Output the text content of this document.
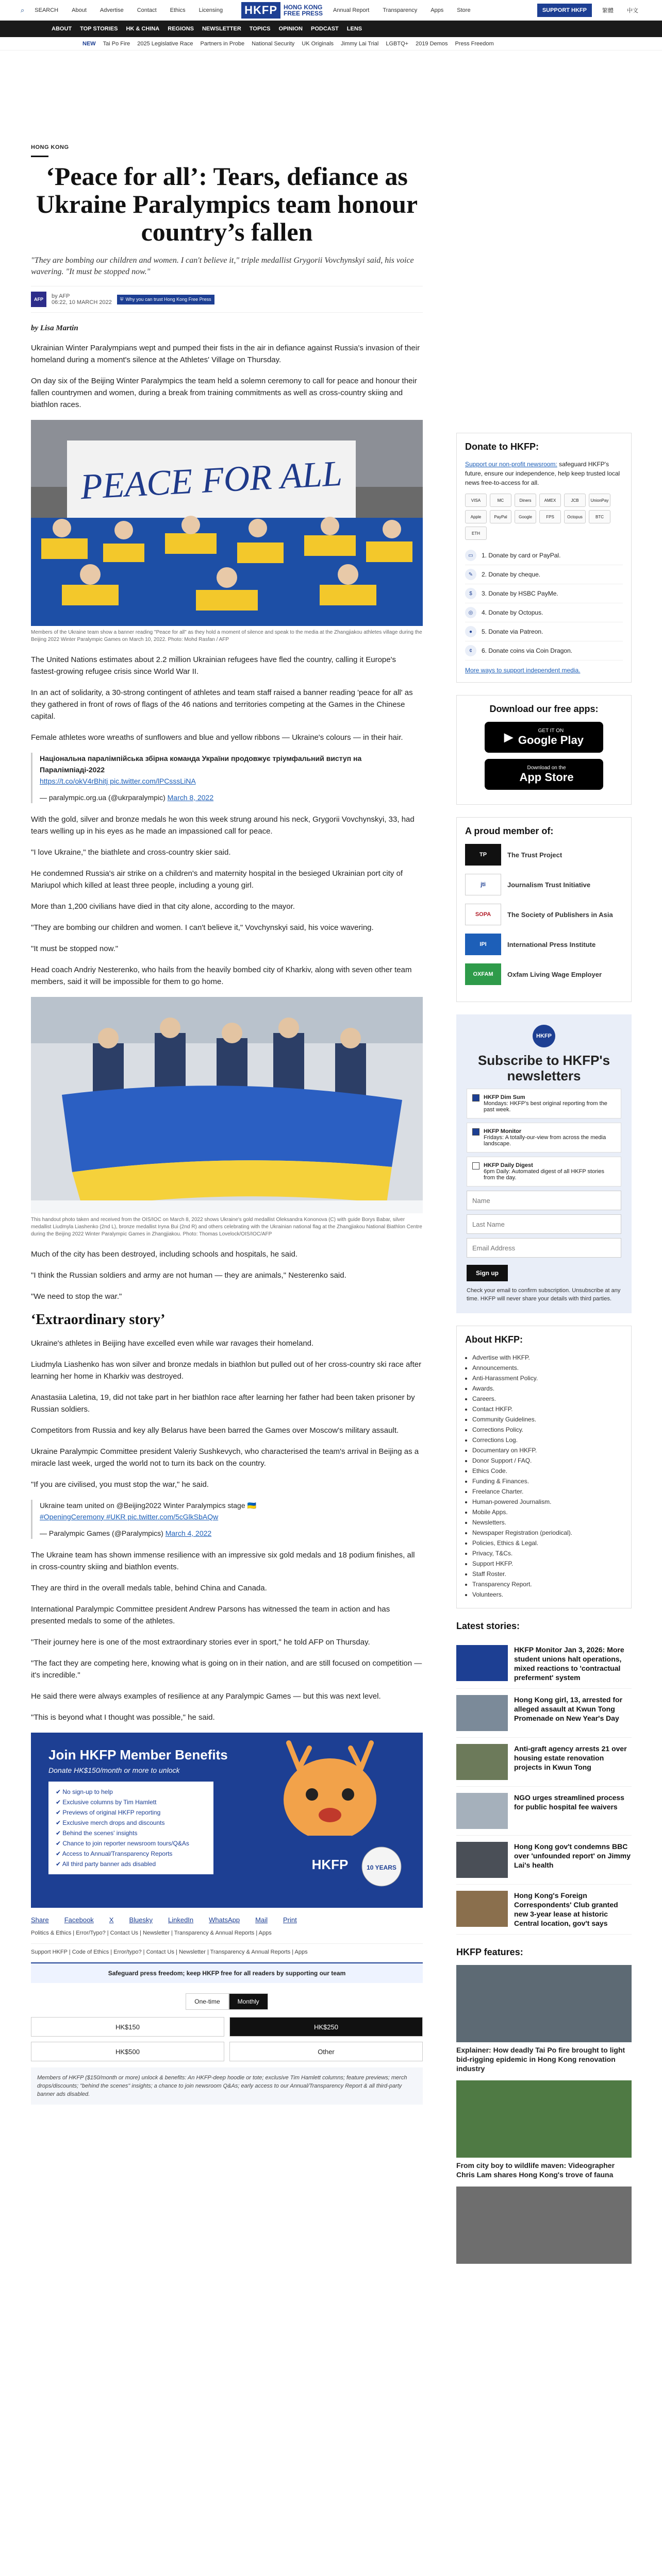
⌕	SEARCH	About	Advertise	Contact	Ethics	Licensing HKFP	HONG KONG
FREE PRESS	Annual Report	Transparency	Apps	Store	SUPPORT HKFP	繁體	中文
ABOUT TOP STORIES HK & CHINA REGIONS NEWSLETTER TOPICS OPINION PODCAST LENS
NEW Tai Po Fire 2025 Legislative Race Partners in Probe National Security UK Originals Jimmy Lai Trial LGBTQ+ 2019 Demos Press Freedom
HONG KONG
‘Peace for all’: Tears, defiance as Ukraine Paralympics team honour country’s fallen
"They are bombing our children and women. I can't believe it," triple medallist Grygorii Vovchynskyi said, his voice wavering. "It must be stopped now."
AFP	by AFP
06:22, 10 MARCH 2022
⛨ Why you can trust Hong Kong Free Press
by Lisa Martin

Ukrainian Winter Paralympians wept and pumped their fists in the air in defiance against Russia's invasion of their homeland during a moment's silence at the Athletes' Village on Thursday.

On day six of the Beijing Winter Paralympics the team held a solemn ceremony to call for peace and honour their fallen countrymen and women, during a break from training commitments as well as cross-country skiing and biathlon races.

PEACE FOR ALL
Members of the Ukraine team show a banner reading "Peace for all" as they hold a moment of silence and speak to the media at the Zhangjiakou athletes village during the Beijing 2022 Winter Paralympic Games on March 10, 2022. Photo: Mohd Rasfan / AFP

The United Nations estimates about 2.2 million Ukrainian refugees have fled the country, calling it Europe's fastest-growing refugee crisis since World War II.

In an act of solidarity, a 30-strong contingent of athletes and team staff raised a banner reading 'peace for all' as they gathered in front of rows of flags of the 46 nations and territories competing at the Games in the Chinese capital.

Female athletes wore wreaths of sunflowers and blue and yellow ribbons — Ukraine's colours — in their hair.

Національна паралімпійська збірна команда України продовжує тріумфальний виступ на Паралімпіаді-2022
https://t.co/okV4rBhitj pic.twitter.com/lPCsssLiNA
— paralympic.org.ua (@ukrparalympic) March 8, 2022

With the gold, silver and bronze medals he won this week strung around his neck, Grygorii Vovchynskyi, 33, had tears welling up in his eyes as he made an impassioned call for peace.

"I love Ukraine," the biathlete and cross-country skier said.

He condemned Russia's air strike on a children's and maternity hospital in the besieged Ukrainian port city of Mariupol which killed at least three people, including a young girl.

More than 1,200 civilians have died in that city alone, according to the mayor.

"They are bombing our children and women. I can't believe it," Vovchynskyi said, his voice wavering.

"It must be stopped now."

Head coach Andriy Nesterenko, who hails from the heavily bombed city of Kharkiv, along with seven other team members, said it will be impossible for them to go home.

This handout photo taken and received from the OIS/IOC on March 8, 2022 shows Ukraine's gold medallist Oleksandra Kononova (C) with guide Borys Babar, silver medallist Liudmyla Liashenko (2nd L), bronze medallist Iryna Bui (2nd R) and others celebrating with the Ukrainian national flag at the Zhangjiakou National Biathlon Centre during the Beijing 2022 Winter Paralympic Games in Zhangjiakou. Photo: Thomas Lovelock/OIS/IOC/AFP

Much of the city has been destroyed, including schools and hospitals, he said.

"I think the Russian soldiers and army are not human — they are animals," Nesterenko said.

"We need to stop the war."

‘Extraordinary story’

Ukraine's athletes in Beijing have excelled even while war ravages their homeland.

Liudmyla Liashenko has won silver and bronze medals in biathlon but pulled out of her cross-country ski race after learning her home in Kharkiv was destroyed.

Anastasiia Laletina, 19, did not take part in her biathlon race after learning her father had been taken prisoner by Russian soldiers.

Competitors from Russia and key ally Belarus have been barred the Games over Moscow's military assault.

Ukraine Paralympic Committee president Valeriy Sushkevych, who characterised the team's arrival in Beijing as a miracle last week, urged the world not to turn its back on the country.

"If you are civilised, you must stop the war," he said.

Ukraine team united on @Beijing2022 Winter Paralympics stage 🇺🇦
#OpeningCeremony #UKR pic.twitter.com/5cGlkSbAQw
— Paralympic Games (@Paralympics) March 4, 2022

The Ukraine team has shown immense resilience with an impressive six gold medals and 18 podium finishes, all in cross-country skiing and biathlon events.

They are third in the overall medals table, behind China and Canada.

International Paralympic Committee president Andrew Parsons has witnessed the team in action and has presented medals to some of the athletes.

"Their journey here is one of the most extraordinary stories ever in sport," he told AFP on Thursday.

"The fact they are competing here, knowing what is going on in their nation, and are still focused on competition — it's incredible."

He said there were always examples of resilience at any Paralympic Games — but this was next level.

"This is beyond what I thought was possible," he said.

Join HKFP Member Benefits
Donate HK$150/month or more to unlock
✔ No sign-up to help
✔ Exclusive columns by Tim Hamlett
✔ Previews of original HKFP reporting
✔ Exclusive merch drops and discounts
✔ Behind the scenes' insights
✔ Chance to join reporter newsroom tours/Q&As
✔ Access to Annual/Transparency Reports
✔ All third party banner ads disabled	HKFP	10 YEARS
Share Facebook X Bluesky LinkedIn WhatsApp Mail Print
Politics & Ethics | Error/Typo? | Contact Us | Newsletter | Transparency & Annual Reports | Apps
Support HKFP | Code of Ethics | Error/typo? | Contact Us | Newsletter | Transparency & Annual Reports | Apps
Safeguard press freedom; keep HKFP free for all readers by supporting our team
One-time	Monthly
HK$150	HK$250
HK$500	Other
Members of HKFP ($150/month or more) unlock & benefits: An HKFP-deep hoodie or tote; exclusive Tim Hamlett columns; feature previews; merch drops/discounts; "behind the scenes" insights; a chance to join newsroom Q&As; early access to our Annual/Transparency Report & all third-party banner ads disabled.
Donate to HKFP:

Support our non-profit newsroom: safeguard HKFP's future, ensure our independence, help keep trusted local news free-to-access for all.

VISA	MC	Diners	AMEX	JCB	UnionPay
Apple	PayPal	Google	FPS	Octopus	BTC
ETH
▭	1. Donate by card or PayPal.
✎	2. Donate by cheque.
$	3. Donate by HSBC PayMe.
◎	4. Donate by Octopus.
●	5. Donate via Patreon.
¢	6. Donate coins via Coin Dragon.
More ways to support independent media.
Download our free apps:
▶	GET IT ON
Google Play
Download on the
App Store
A proud member of:
TP	The Trust Project
jti	Journalism Trust Initiative
SOPA	The Society of Publishers in Asia
IPI	International Press Institute
OXFAM	Oxfam Living Wage Employer
HKFP
Subscribe to HKFP's newsletters
HKFP Dim Sum
Mondays: HKFP's best original reporting from the past week.
HKFP Monitor
Fridays: A totally-our-view from across the media landscape.
HKFP Daily Digest
6pm Daily: Automated digest of all HKFP stories from the day.
Name Last Name Email Address
Sign up
Check your email to confirm subscription. Unsubscribe at any time. HKFP will never share your details with third parties.
About HKFP:
• Advertise with HKFP.
• Announcements.
• Anti-Harassment Policy.
• Awards.
• Careers.
• Contact HKFP.
• Community Guidelines.
• Corrections Policy.
• Corrections Log.
• Documentary on HKFP.
• Donor Support / FAQ.
• Ethics Code.
• Funding & Finances.
• Freelance Charter.
• Human-powered Journalism.
• Mobile Apps.
• Newsletters.
• Newspaper Registration (periodical).
• Policies, Ethics & Legal.
• Privacy, T&Cs.
• Support HKFP.
• Staff Roster.
• Transparency Report.
• Volunteers.
Latest stories:
HKFP Monitor Jan 3, 2026: More student unions halt operations, mixed reactions to 'contractual preferment' system
Hong Kong girl, 13, arrested for alleged assault at Kwun Tong Promenade on New Year's Day
Anti-graft agency arrests 21 over housing estate renovation projects in Kwun Tong
NGO urges streamlined process for public hospital fee waivers
Hong Kong gov't condemns BBC over 'unfounded report' on Jimmy Lai's health
Hong Kong's Foreign Correspondents' Club granted new 3-year lease at historic Central location, gov't says
HKFP features:
Explainer: How deadly Tai Po fire brought to light bid-rigging epidemic in Hong Kong renovation industry
From city boy to wildlife maven: Videographer Chris Lam shares Hong Kong's trove of fauna
